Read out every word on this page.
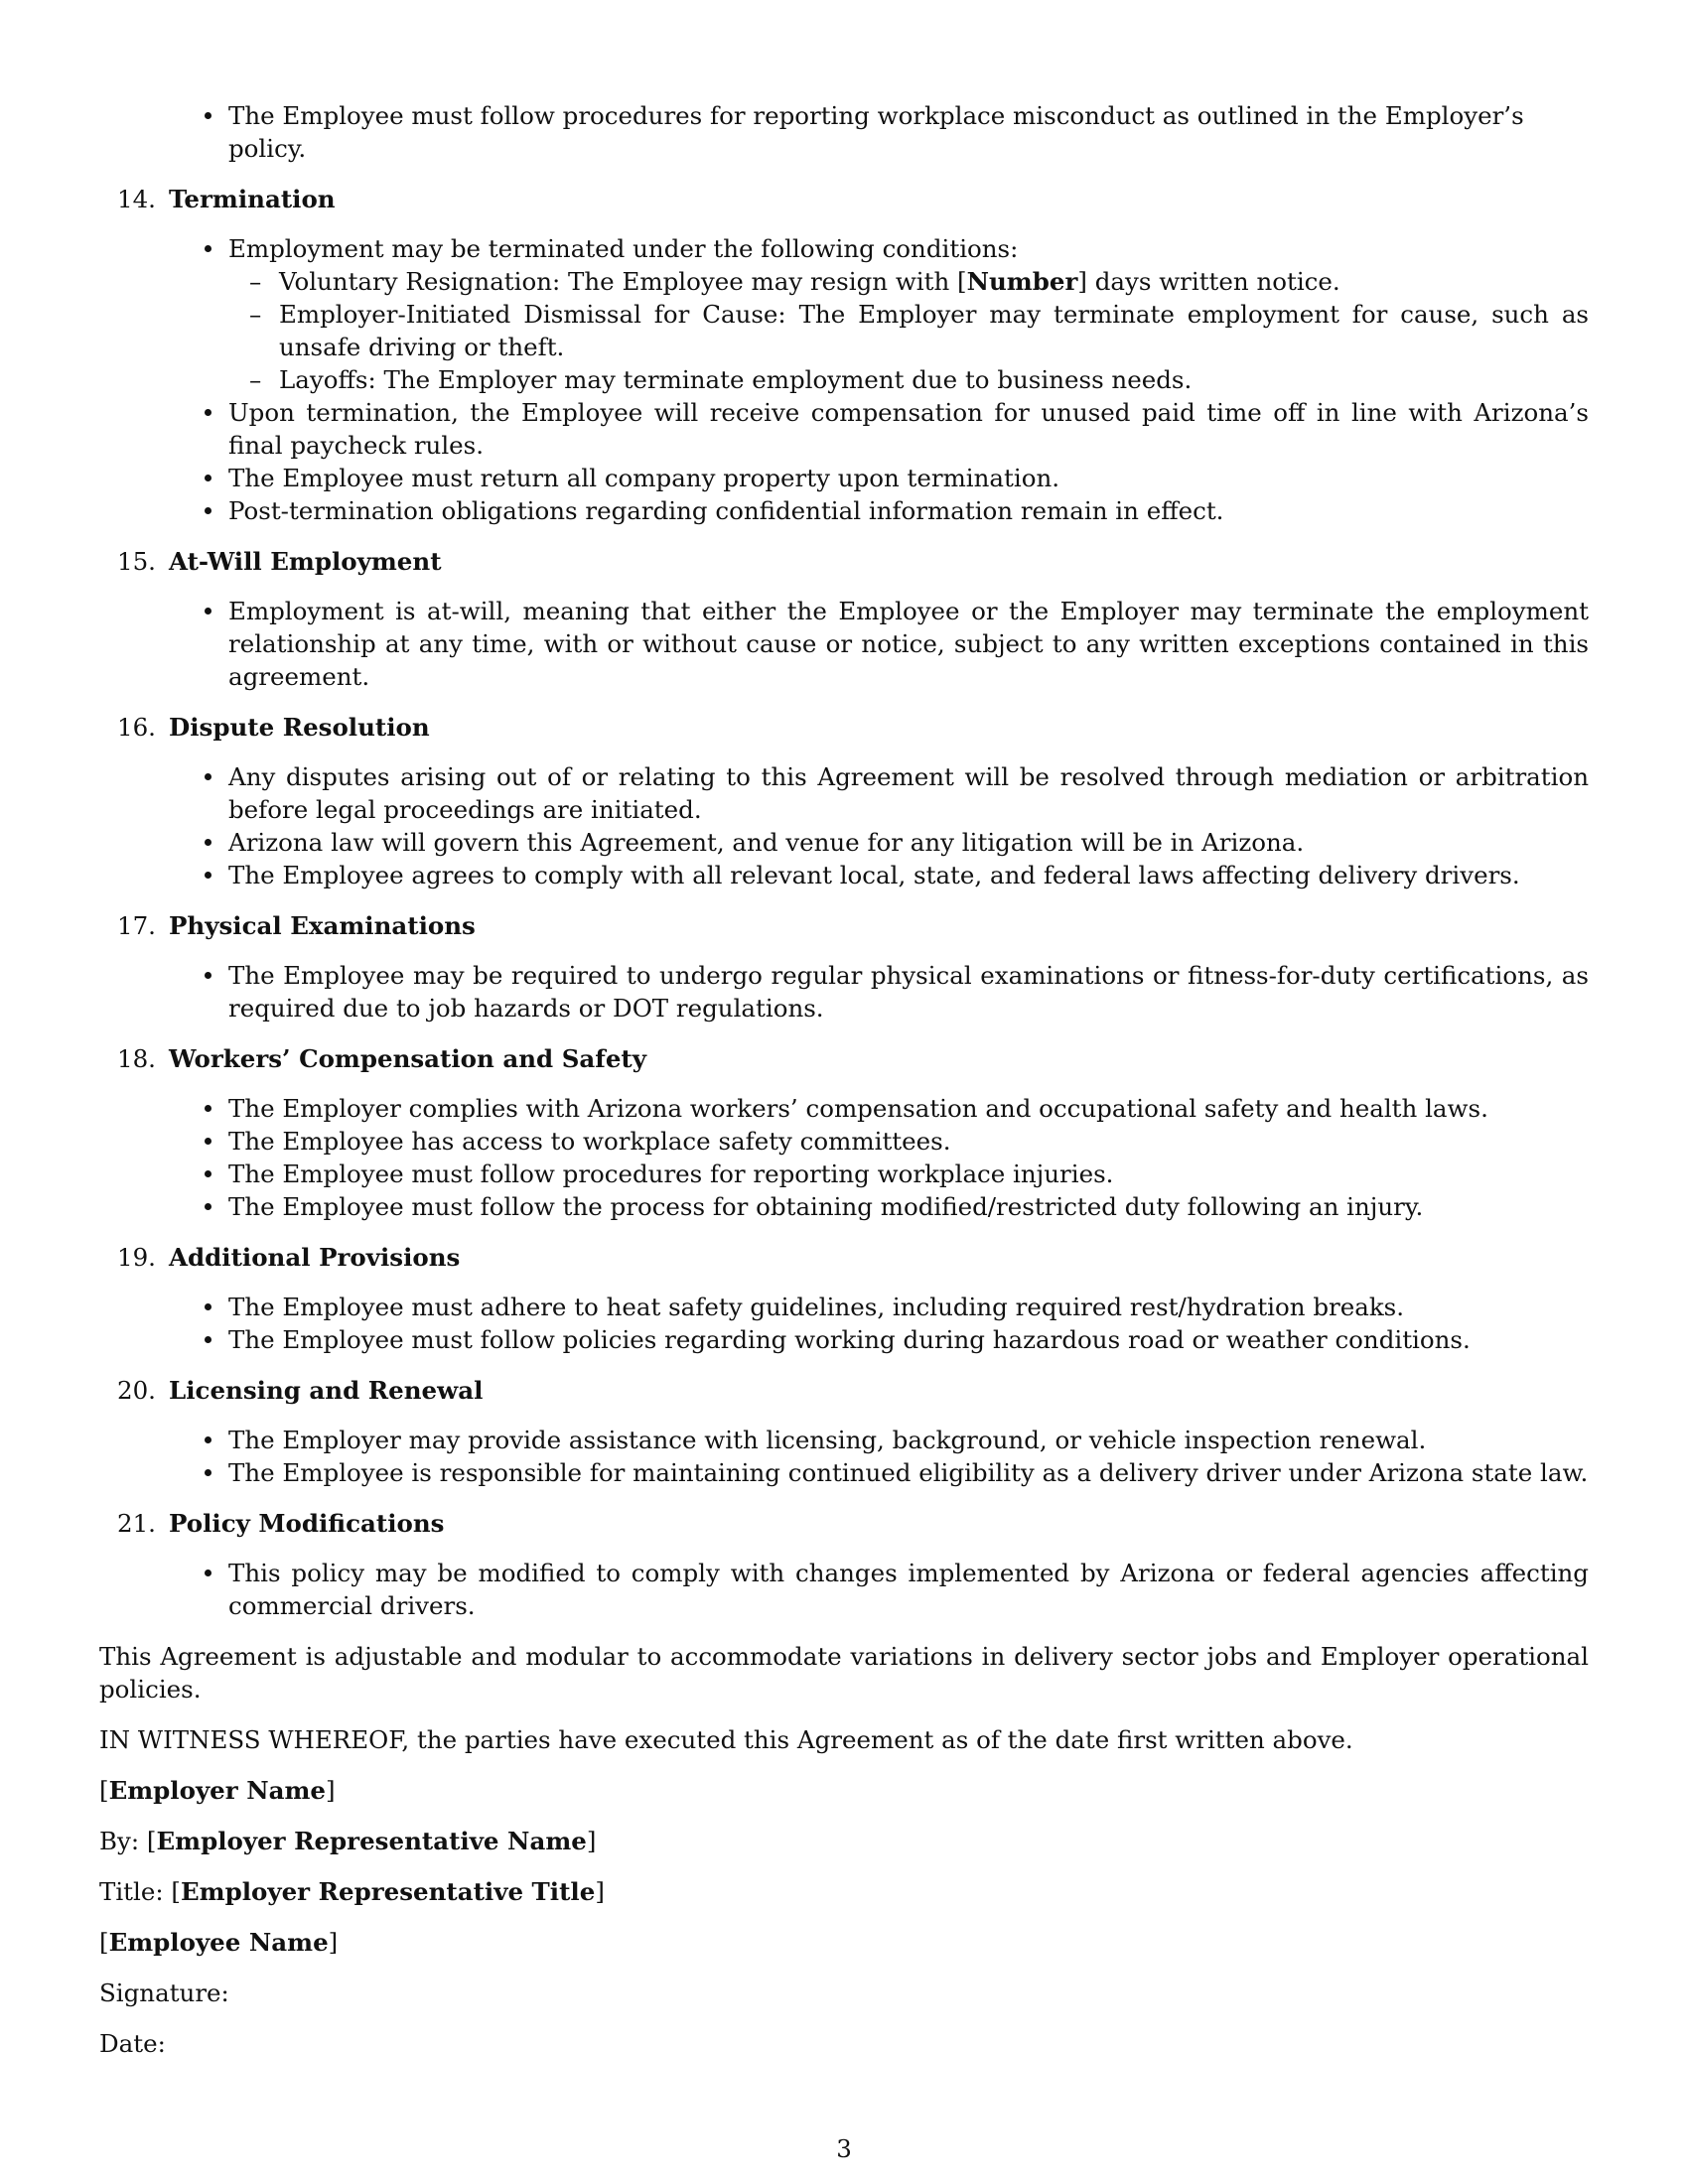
The Employee must follow procedures for reporting workplace misconduct as outlined in the Employer’s policy.
14. Termination
Employment may be terminated under the following conditions:
– Voluntary Resignation: The Employee may resign with [Number] days written notice.
– Employer-Initiated Dismissal for Cause: The Employer may terminate employment for cause, such as unsafe driving or theft.
– Layoffs: The Employer may terminate employment due to business needs.
Upon termination, the Employee will receive compensation for unused paid time off in line with Arizona’s final paycheck rules.
The Employee must return all company property upon termination.
Post-termination obligations regarding confidential information remain in effect.
15. At-Will Employment
Employment is at-will, meaning that either the Employee or the Employer may terminate the employment relationship at any time, with or without cause or notice, subject to any written exceptions contained in this agreement.
16. Dispute Resolution
Any disputes arising out of or relating to this Agreement will be resolved through mediation or arbitration before legal proceedings are initiated.
Arizona law will govern this Agreement, and venue for any litigation will be in Arizona.
The Employee agrees to comply with all relevant local, state, and federal laws affecting delivery drivers.
17. Physical Examinations
The Employee may be required to undergo regular physical examinations or fitness-for-duty certifications, as required due to job hazards or DOT regulations.
18. Workers’ Compensation and Safety
The Employer complies with Arizona workers’ compensation and occupational safety and health laws.
The Employee has access to workplace safety committees.
The Employee must follow procedures for reporting workplace injuries.
The Employee must follow the process for obtaining modified/restricted duty following an injury.
19. Additional Provisions
The Employee must adhere to heat safety guidelines, including required rest/hydration breaks.
The Employee must follow policies regarding working during hazardous road or weather conditions.
20. Licensing and Renewal
The Employer may provide assistance with licensing, background, or vehicle inspection renewal.
The Employee is responsible for maintaining continued eligibility as a delivery driver under Arizona state law.
21. Policy Modifications
This policy may be modified to comply with changes implemented by Arizona or federal agencies affecting commercial drivers.

This Agreement is adjustable and modular to accommodate variations in delivery sector jobs and Employer operational policies.

IN WITNESS WHEREOF, the parties have executed this Agreement as of the date first written above.

[Employer Name]

By: [Employer Representative Name]

Title: [Employer Representative Title]

[Employee Name]

Signature:

Date:

3
